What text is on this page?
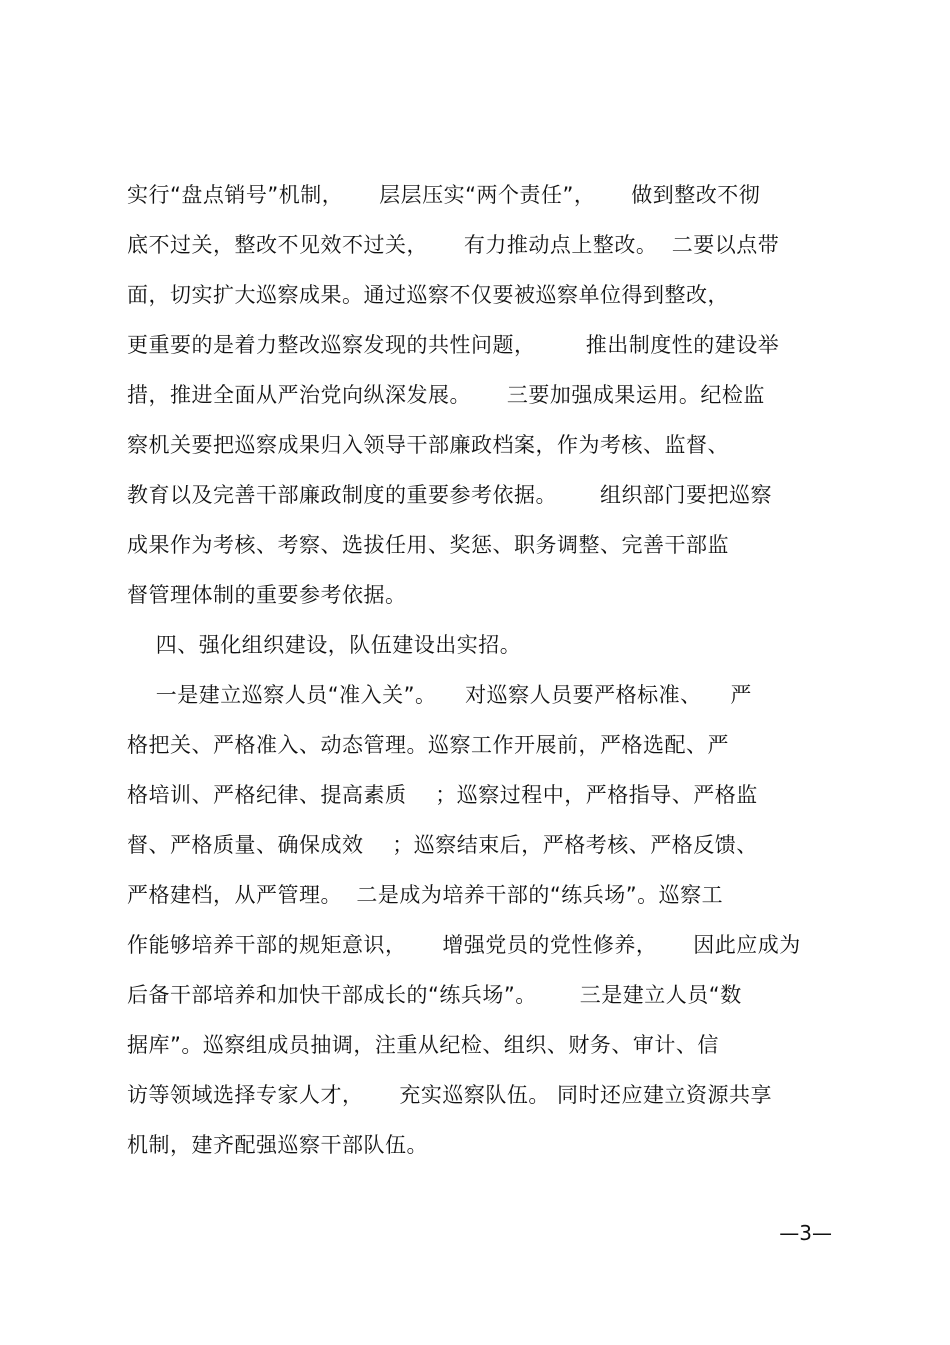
实行“盘点销号”机制，     层层压实“两个责任”，     做到整改不彻
底不过关，整改不见效不过关，     有力推动点上整改。  二要以点带
面，切实扩大巡察成果。通过巡察不仅要被巡察单位得到整改，
更重要的是着力整改巡察发现的共性问题，       推出制度性的建设举
措，推进全面从严治党向纵深发展。     三要加强成果运用。纪检监
察机关要把巡察成果归入领导干部廉政档案，作为考核、监督、
教育以及完善干部廉政制度的重要参考依据。      组织部门要把巡察
成果作为考核、考察、选拔任用、奖惩、职务调整、完善干部监
督管理体制的重要参考依据。
四、强化组织建设，队伍建设出实招。
一是建立巡察人员“准入关”。    对巡察人员要严格标准、    严
格把关、严格准入、动态管理。巡察工作开展前，严格选配、严
格培训、严格纪律、提高素质    ；巡察过程中，严格指导、严格监
督、严格质量、确保成效    ；巡察结束后，严格考核、严格反馈、
严格建档，从严管理。  二是成为培养干部的“练兵场”。巡察工
作能够培养干部的规矩意识，     增强党员的党性修养，     因此应成为
后备干部培养和加快干部成长的“练兵场”。      三是建立人员“数
据库”。巡察组成员抽调，注重从纪检、组织、财务、审计、信
访等领域选择专家人才，     充实巡察队伍。 同时还应建立资源共享
机制，建齐配强巡察干部队伍。
—3—
